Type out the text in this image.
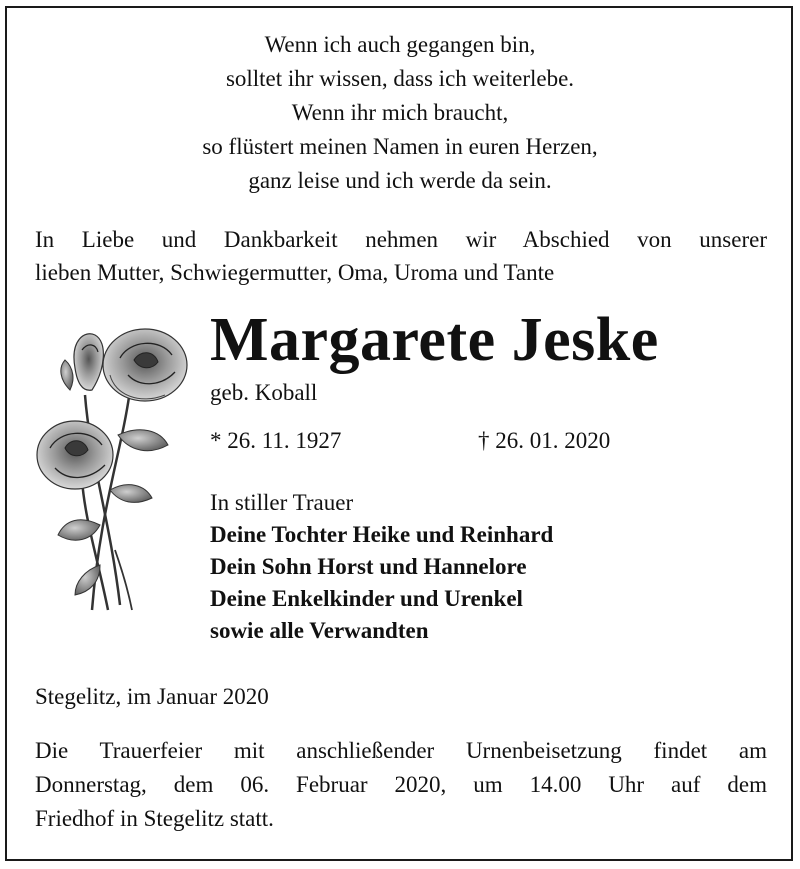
Wenn ich auch gegangen bin,
solltet ihr wissen, dass ich weiterlebe.
Wenn ihr mich braucht,
so flüstert meinen Namen in euren Herzen,
ganz leise und ich werde da sein.
In Liebe und Dankbarkeit nehmen wir Abschied von unserer
lieben Mutter, Schwiegermutter, Oma, Uroma und Tante
Margarete Jeske
geb. Koball
* 26. 11. 1927	† 26. 01. 2020
In stiller Trauer
Deine Tochter Heike und Reinhard
Dein Sohn Horst und Hannelore
Deine Enkelkinder und Urenkel
sowie alle Verwandten
Stegelitz, im Januar 2020
Die Trauerfeier mit anschließender Urnenbeisetzung findet am
Donnerstag, dem 06. Februar 2020, um 14.00 Uhr auf dem
Friedhof in Stegelitz statt.
